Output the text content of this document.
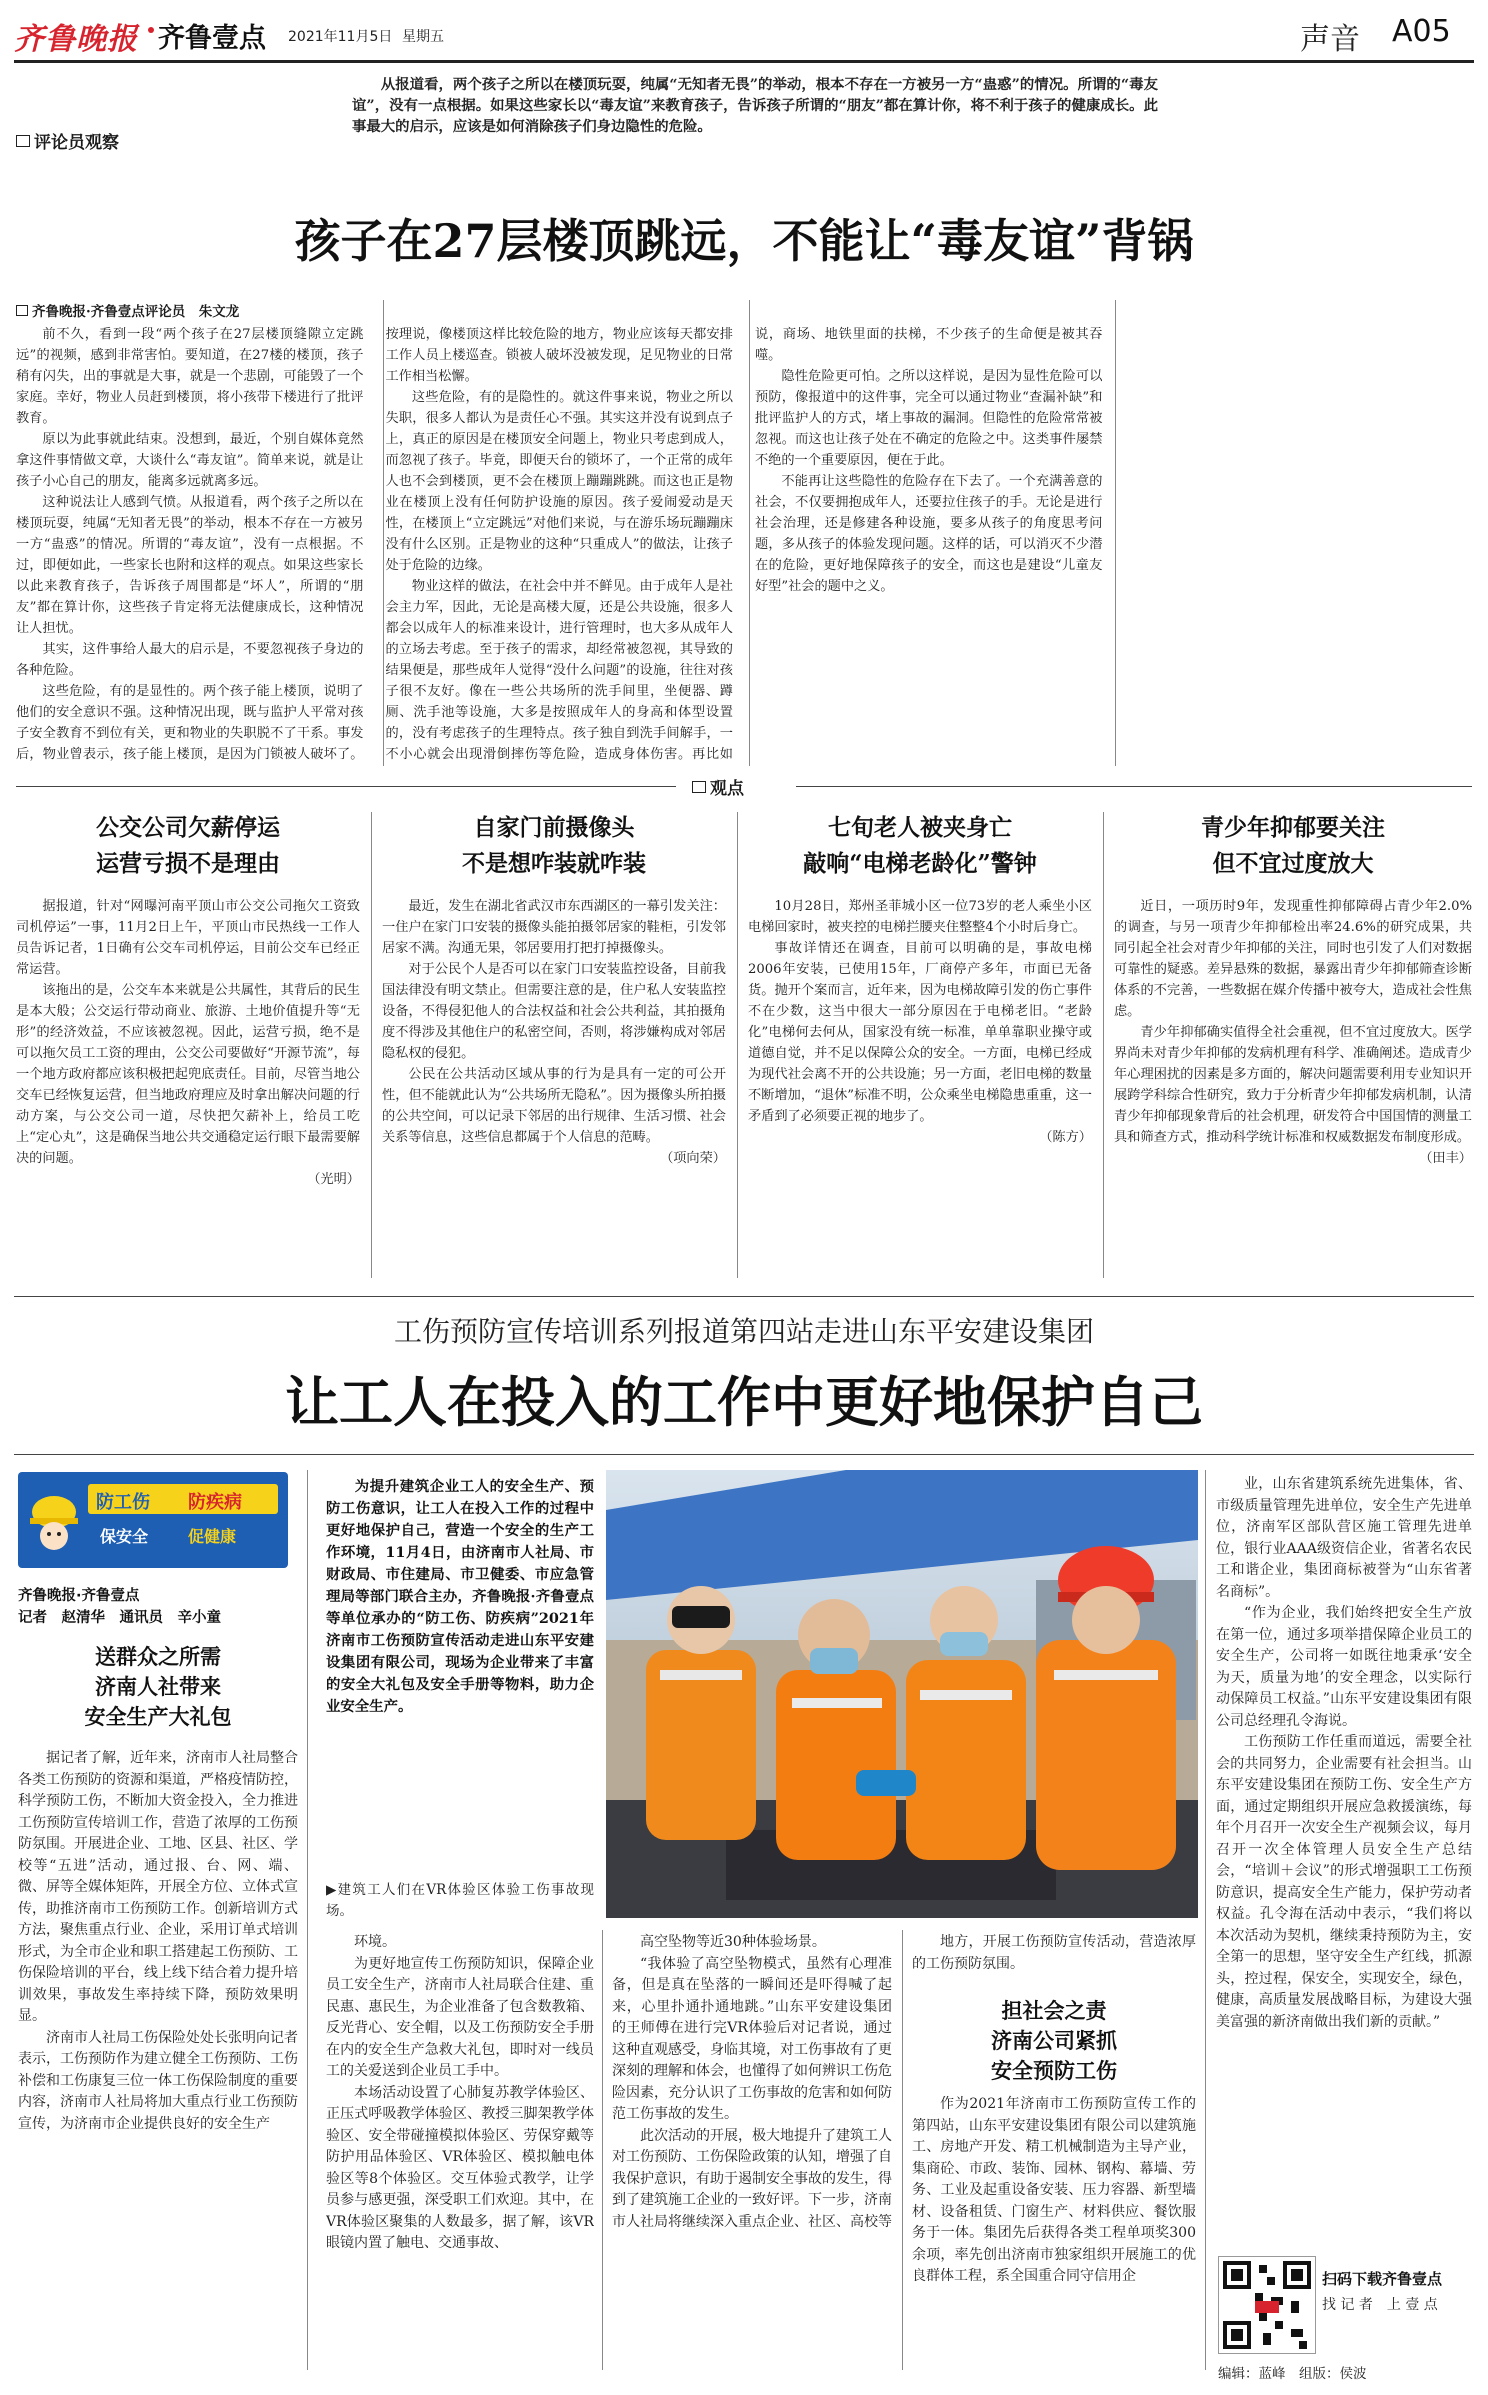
齐鲁晚报 齐鲁壹点 2021年11月5日 星期五	声音 A05
评论员观察
从报道看，两个孩子之所以在楼顶玩耍，纯属“无知者无畏”的举动，根本不存在一方被另一方“蛊惑”的情况。所谓的“毒友谊”，没有一点根据。如果这些家长以“毒友谊”来教育孩子，告诉孩子所谓的“朋友”都在算计你，将不利于孩子的健康成长。此事最大的启示，应该是如何消除孩子们身边隐性的危险。
孩子在27层楼顶跳远，不能让“毒友谊”背锅
齐鲁晚报·齐鲁壹点评论员　朱文龙

前不久，看到一段“两个孩子在27层楼顶缝隙立定跳远”的视频，感到非常害怕。要知道，在27楼的楼顶，孩子稍有闪失，出的事就是大事，就是一个悲剧，可能毁了一个家庭。幸好，物业人员赶到楼顶，将小孩带下楼进行了批评教育。

原以为此事就此结束。没想到，最近，个别自媒体竟然拿这件事情做文章，大谈什么“毒友谊”。简单来说，就是让孩子小心自己的朋友，能离多远就离多远。

这种说法让人感到气愤。从报道看，两个孩子之所以在楼顶玩耍，纯属“无知者无畏”的举动，根本不存在一方被另一方“蛊惑”的情况。所谓的“毒友谊”，没有一点根据。不过，即便如此，一些家长也附和这样的观点。如果这些家长以此来教育孩子，告诉孩子周围都是“坏人”，所谓的“朋友”都在算计你，这些孩子肯定将无法健康成长，这种情况让人担忧。

其实，这件事给人最大的启示是，不要忽视孩子身边的各种危险。

这些危险，有的是显性的。两个孩子能上楼顶，说明了他们的安全意识不强。这种情况出现，既与监护人平常对孩子安全教育不到位有关，更和物业的失职脱不了干系。事发后，物业曾表示，孩子能上楼顶，是因为门锁被人破坏了。按理说，像楼顶这样比较危险的地方，物业应该每天都安排工作人员上楼巡查。锁被人破坏没被发现，足见物业的日常工作相当松懈。

这些危险，有的是隐性的。就这件事来说，物业之所以失职，很多人都认为是责任心不强。其实这并没有说到点子上，真正的原因是在楼顶安全问题上，物业只考虑到成人，而忽视了孩子。毕竟，即便天台的锁坏了，一个正常的成年人也不会到楼顶，更不会在楼顶上蹦蹦跳跳。而这也正是物业在楼顶上没有任何防护设施的原因。孩子爱闹爱动是天性，在楼顶上“立定跳远”对他们来说，与在游乐场玩蹦蹦床没有什么区别。正是物业的这种“只重成人”的做法，让孩子处于危险的边缘。

物业这样的做法，在社会中并不鲜见。由于成年人是社会主力军，因此，无论是高楼大厦，还是公共设施，很多人都会以成年人的标准来设计，进行管理时，也大多从成年人的立场去考虑。至于孩子的需求，却经常被忽视，其导致的结果便是，那些成年人觉得“没什么问题”的设施，往往对孩子很不友好。像在一些公共场所的洗手间里，坐便器、蹲厕、洗手池等设施，大多是按照成年人的身高和体型设置的，没有考虑孩子的生理特点。孩子独自到洗手间解手，一不小心就会出现滑倒摔伤等危险，造成身体伤害。再比如说，商场、地铁里面的扶梯，不少孩子的生命便是被其吞噬。

隐性危险更可怕。之所以这样说，是因为显性危险可以预防，像报道中的这件事，完全可以通过物业“查漏补缺”和批评监护人的方式，堵上事故的漏洞。但隐性的危险常常被忽视。而这也让孩子处在不确定的危险之中。这类事件屡禁不绝的一个重要原因，便在于此。

不能再让这些隐性的危险存在下去了。一个充满善意的社会，不仅要拥抱成年人，还要拉住孩子的手。无论是进行社会治理，还是修建各种设施，要多从孩子的角度思考问题，多从孩子的体验发现问题。这样的话，可以消灭不少潜在的危险，更好地保障孩子的安全，而这也是建设“儿童友好型”社会的题中之义。

观点
公交公司欠薪停运
运营亏损不是理由

据报道，针对“网曝河南平顶山市公交公司拖欠工资致司机停运”一事，11月2日上午，平顶山市民热线一工作人员告诉记者，1日确有公交车司机停运，目前公交车已经正常运营。

该拖出的是，公交车本来就是公共属性，其背后的民生是本大般；公交运行带动商业、旅游、土地价值提升等“无形”的经济效益，不应该被忽视。因此，运营亏损，绝不是可以拖欠员工工资的理由，公交公司要做好“开源节流”，每一个地方政府都应该积极把起兜底责任。目前，尽管当地公交车已经恢复运营，但当地政府理应及时拿出解决问题的行动方案，与公交公司一道，尽快把欠薪补上，给员工吃上“定心丸”，这是确保当地公共交通稳定运行眼下最需要解决的问题。

（光明）
自家门前摄像头
不是想咋装就咋装

最近，发生在湖北省武汉市东西湖区的一幕引发关注：一住户在家门口安装的摄像头能拍摄邻居家的鞋柜，引发邻居家不满。沟通无果，邻居要用打把打掉摄像头。

对于公民个人是否可以在家门口安装监控设备，目前我国法律没有明文禁止。但需要注意的是，住户私人安装监控设备，不得侵犯他人的合法权益和社会公共利益，其拍摄角度不得涉及其他住户的私密空间，否则，将涉嫌构成对邻居隐私权的侵犯。

公民在公共活动区域从事的行为是具有一定的可公开性，但不能就此认为“公共场所无隐私”。因为摄像头所拍摄的公共空间，可以记录下邻居的出行规律、生活习惯、社会关系等信息，这些信息都属于个人信息的范畴。

（项向荣）
七旬老人被夹身亡
敲响“电梯老龄化”警钟

10月28日，郑州圣菲城小区一位73岁的老人乘坐小区电梯回家时，被夹控的电梯拦腰夹住整整4个小时后身亡。

事故详情还在调查，目前可以明确的是，事故电梯2006年安装，已使用15年，厂商停产多年，市面已无备货。抛开个案而言，近年来，因为电梯故障引发的伤亡事件不在少数，这当中很大一部分原因在于电梯老旧。“老龄化”电梯何去何从，国家没有统一标准，单单靠职业操守或道德自觉，并不足以保障公众的安全。一方面，电梯已经成为现代社会离不开的公共设施；另一方面，老旧电梯的数量不断增加，“退休”标准不明，公众乘坐电梯隐患重重，这一矛盾到了必须要正视的地步了。

（陈方）
青少年抑郁要关注
但不宜过度放大

近日，一项历时9年，发现重性抑郁障碍占青少年2.0%的调查，与另一项青少年抑郁检出率24.6%的研究成果，共同引起全社会对青少年抑郁的关注，同时也引发了人们对数据可靠性的疑惑。差异悬殊的数据，暴露出青少年抑郁筛查诊断体系的不完善，一些数据在媒介传播中被夸大，造成社会性焦虑。

青少年抑郁确实值得全社会重视，但不宜过度放大。医学界尚未对青少年抑郁的发病机理有科学、准确阐述。造成青少年心理困扰的因素是多方面的，解决问题需要利用专业知识开展跨学科综合性研究，致力于分析青少年抑郁发病机制，认清青少年抑郁现象背后的社会机理，研发符合中国国情的测量工具和筛查方式，推动科学统计标准和权威数据发布制度形成。

（田丰）
工伤预防宣传培训系列报道第四站走进山东平安建设集团
让工人在投入的工作中更好地保护自己
防工伤 防疾病
保安全 促健康
齐鲁晚报·齐鲁壹点
记者　赵清华　通讯员　辛小童
送群众之所需
济南人社带来
安全生产大礼包

据记者了解，近年来，济南市人社局整合各类工伤预防的资源和渠道，严格疫情防控，科学预防工伤，不断加大资金投入，全力推进工伤预防宣传培训工作，营造了浓厚的工伤预防氛围。开展进企业、工地、区县、社区、学校等“五进”活动，通过报、台、网、端、微、屏等全媒体矩阵，开展全方位、立体式宣传，助推济南市工伤预防工作。创新培训方式方法，聚焦重点行业、企业，采用订单式培训形式，为全市企业和职工搭建起工伤预防、工伤保险培训的平台，线上线下结合着力提升培训效果，事故发生率持续下降，预防效果明显。

济南市人社局工伤保险处处长张明向记者表示，工伤预防作为建立健全工伤预防、工伤补偿和工伤康复三位一体工伤保险制度的重要内容，济南市人社局将加大重点行业工伤预防宣传，为济南市企业提供良好的安全生产

为提升建筑企业工人的安全生产、预防工伤意识，让工人在投入工作的过程中更好地保护自己，营造一个安全的生产工作环境，11月4日，由济南市人社局、市财政局、市住建局、市卫健委、市应急管理局等部门联合主办，齐鲁晚报·齐鲁壹点等单位承办的“防工伤、防疾病”2021年济南市工伤预防宣传活动走进山东平安建设集团有限公司，现场为企业带来了丰富的安全大礼包及安全手册等物料，助力企业安全生产。
▶建筑工人们在VR体验区体验工伤事故现场。

环境。

为更好地宣传工伤预防知识，保障企业员工安全生产，济南市人社局联合住建、重民惠、惠民生，为企业准备了包含数教箱、反光背心、安全帽，以及工伤预防安全手册在内的安全生产急救大礼包，即时对一线员工的关爱送到企业员工手中。

本场活动设置了心肺复苏教学体验区、正压式呼吸教学体验区、教授三脚架教学体验区、安全带碰撞模拟体验区、劳保穿戴等防护用品体验区、VR体验区、模拟触电体验区等8个体验区。交互体验式教学，让学员参与感更强，深受职工们欢迎。其中，在VR体验区聚集的人数最多，据了解，该VR眼镜内置了触电、交通事故、

高空坠物等近30种体验场景。

“我体验了高空坠物模式，虽然有心理准备，但是真在坠落的一瞬间还是吓得喊了起来，心里扑通扑通地跳。”山东平安建设集团的王师傅在进行完VR体验后对记者说，通过这种直观感受，身临其境，对工伤事故有了更深刻的理解和体会，也懂得了如何辨识工伤危险因素，充分认识了工伤事故的危害和如何防范工伤事故的发生。

此次活动的开展，极大地提升了建筑工人对工伤预防、工伤保险政策的认知，增强了自我保护意识，有助于遏制安全事故的发生，得到了建筑施工企业的一致好评。下一步，济南市人社局将继续深入重点企业、社区、高校等

地方，开展工伤预防宣传活动，营造浓厚的工伤预防氛围。

担社会之责
济南公司紧抓
安全预防工伤

作为2021年济南市工伤预防宣传工作的第四站，山东平安建设集团有限公司以建筑施工、房地产开发、精工机械制造为主导产业，集商砼、市政、装饰、园林、钢构、幕墙、劳务、工业及起重设备安装、压力容器、新型墙材、设备租赁、门窗生产、材料供应、餐饮服务于一体。集团先后获得各类工程单项奖300余项，率先创出济南市独家组织开展施工的优良群体工程，系全国重合同守信用企

业，山东省建筑系统先进集体，省、市级质量管理先进单位，安全生产先进单位，济南军区部队营区施工管理先进单位，银行业AAA级资信企业，省著名农民工和谐企业，集团商标被誉为“山东省著名商标”。

“作为企业，我们始终把安全生产放在第一位，通过多项举措保障企业员工的安全生产，公司将一如既往地秉承‘安全为天，质量为地’的安全理念，以实际行动保障员工权益。”山东平安建设集团有限公司总经理孔令海说。

工伤预防工作任重而道远，需要全社会的共同努力，企业需要有社会担当。山东平安建设集团在预防工伤、安全生产方面，通过定期组织开展应急救援演练，每年个月召开一次安全生产视频会议，每月召开一次全体管理人员安全生产总结会，“培训＋会议”的形式增强职工工伤预防意识，提高安全生产能力，保护劳动者权益。孔令海在活动中表示，“我们将以本次活动为契机，继续秉持预防为主，安全第一的思想，坚守安全生产红线，抓源头，控过程，保安全，实现安全，绿色，健康，高质量发展战略目标，为建设大强美富强的新济南做出我们新的贡献。”

扫码下载齐鲁壹点
找 记 者　上 壹 点
编辑：蓝峰　组版：侯波
